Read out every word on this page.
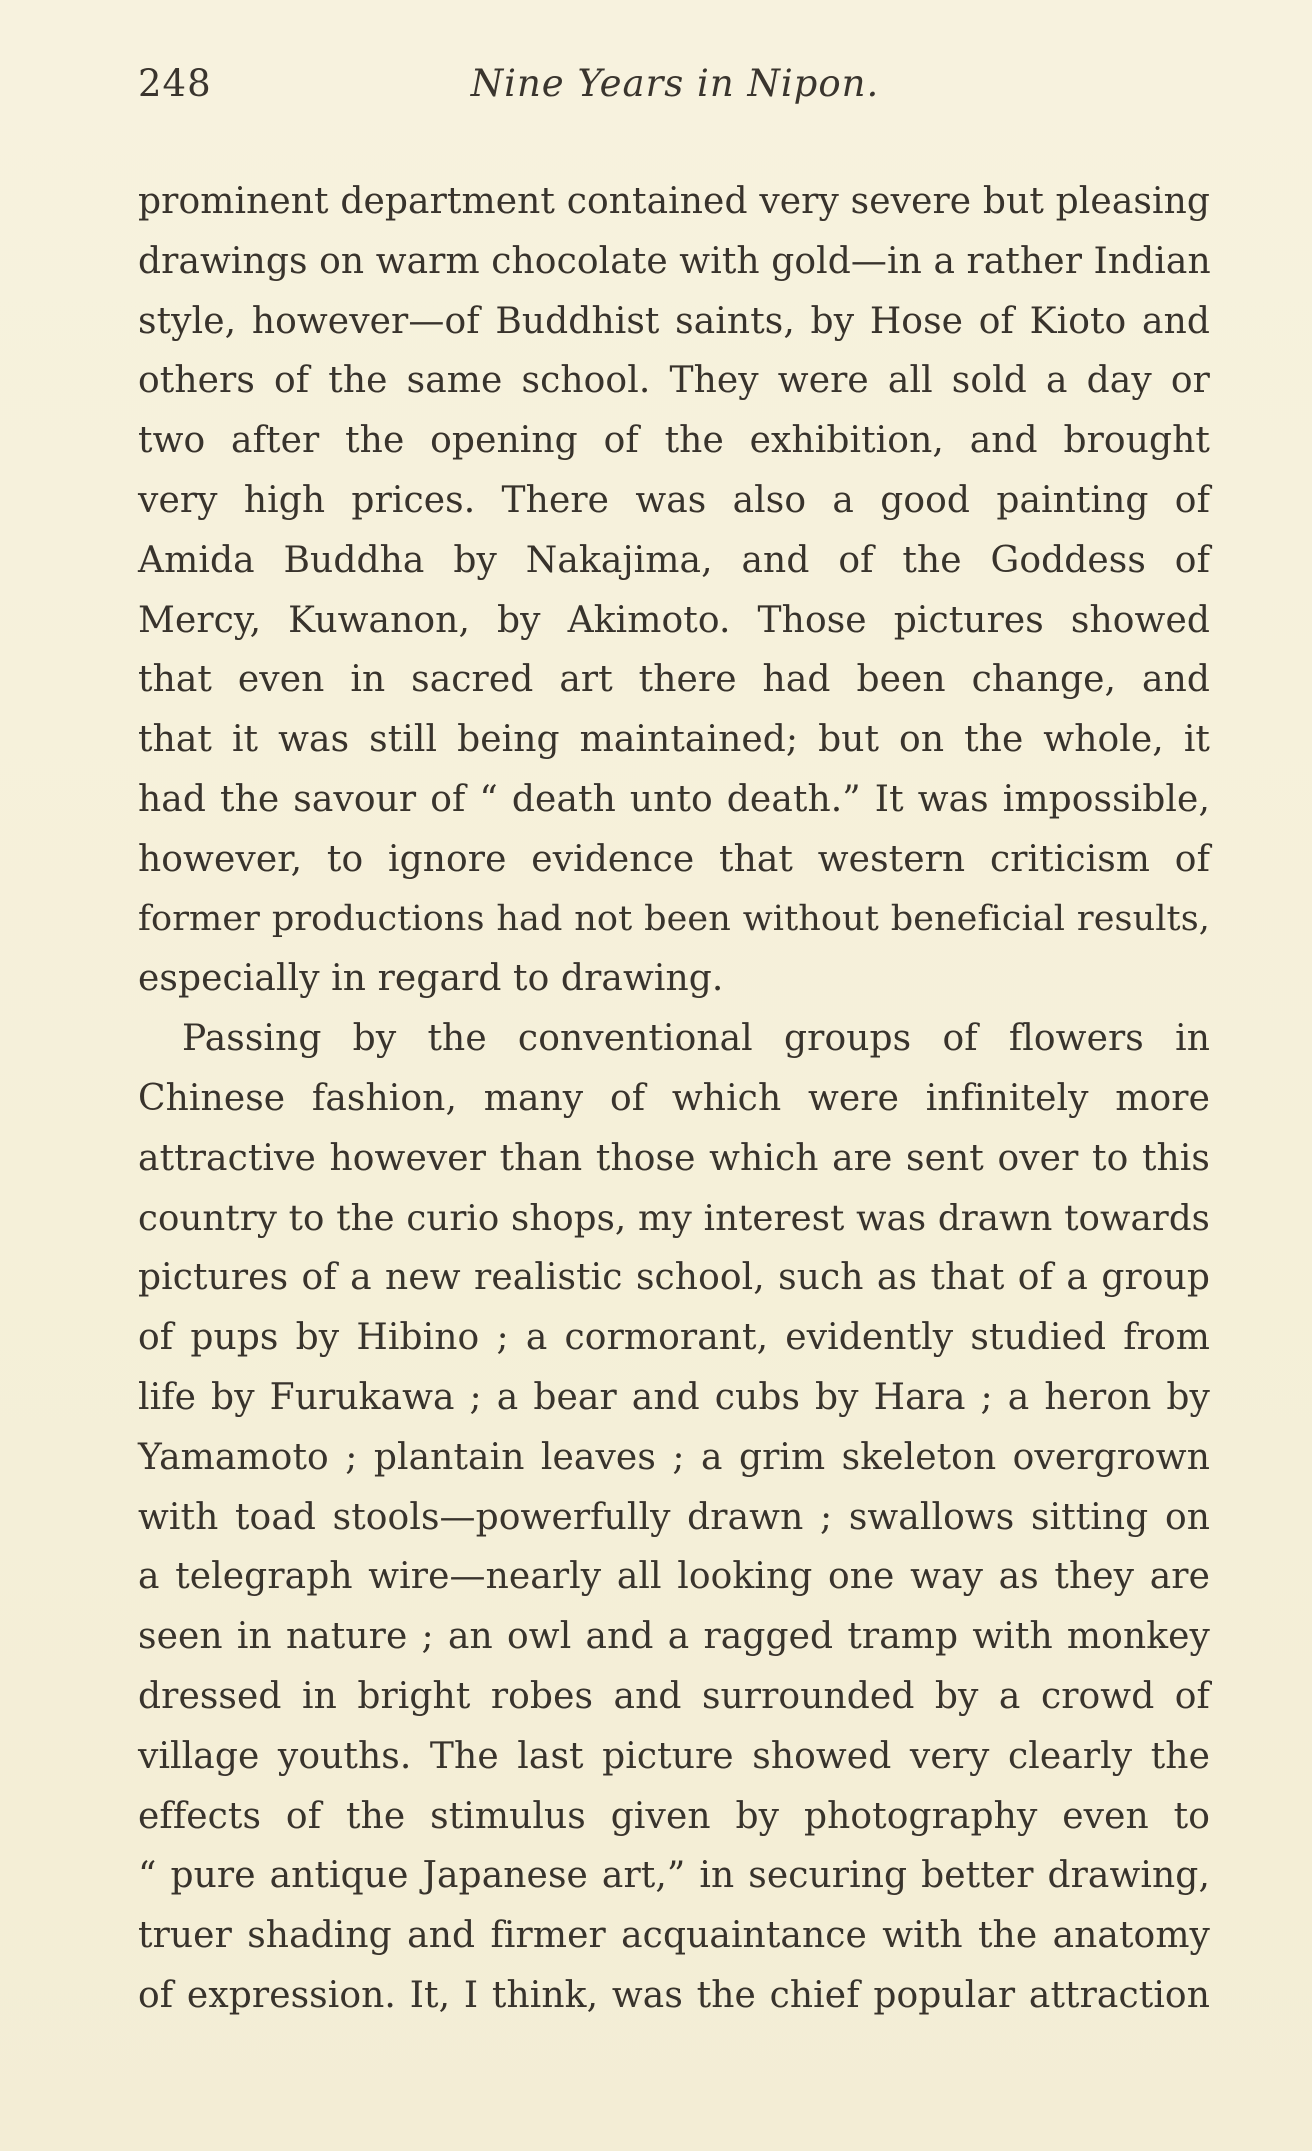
248	Nine Years in Nipon.
prominent department contained very severe but pleasing
drawings on warm chocolate with gold—in a rather Indian
style, however—of Buddhist saints, by Hose of Kioto and
others of the same school. They were all sold a day or
two after the opening of the exhibition, and brought
very high prices. There was also a good painting of
Amida Buddha by Nakajima, and of the Goddess of
Mercy, Kuwanon, by Akimoto. Those pictures showed
that even in sacred art there had been change, and
that it was still being maintained; but on the whole, it
had the savour of “ death unto death.” It was impossible,
however, to ignore evidence that western criticism of
former productions had not been without beneficial results,
especially in regard to drawing.
Passing by the conventional groups of flowers in
Chinese fashion, many of which were infinitely more
attractive however than those which are sent over to this
country to the curio shops, my interest was drawn towards
pictures of a new realistic school, such as that of a group
of pups by Hibino ; a cormorant, evidently studied from
life by Furukawa ; a bear and cubs by Hara ; a heron by
Yamamoto ; plantain leaves ; a grim skeleton overgrown
with toad stools—powerfully drawn ; swallows sitting on
a telegraph wire—nearly all looking one way as they are
seen in nature ; an owl and a ragged tramp with monkey
dressed in bright robes and surrounded by a crowd of
village youths. The last picture showed very clearly the
effects of the stimulus given by photography even to
“ pure antique Japanese art,” in securing better drawing,
truer shading and firmer acquaintance with the anatomy
of expression. It, I think, was the chief popular attraction
